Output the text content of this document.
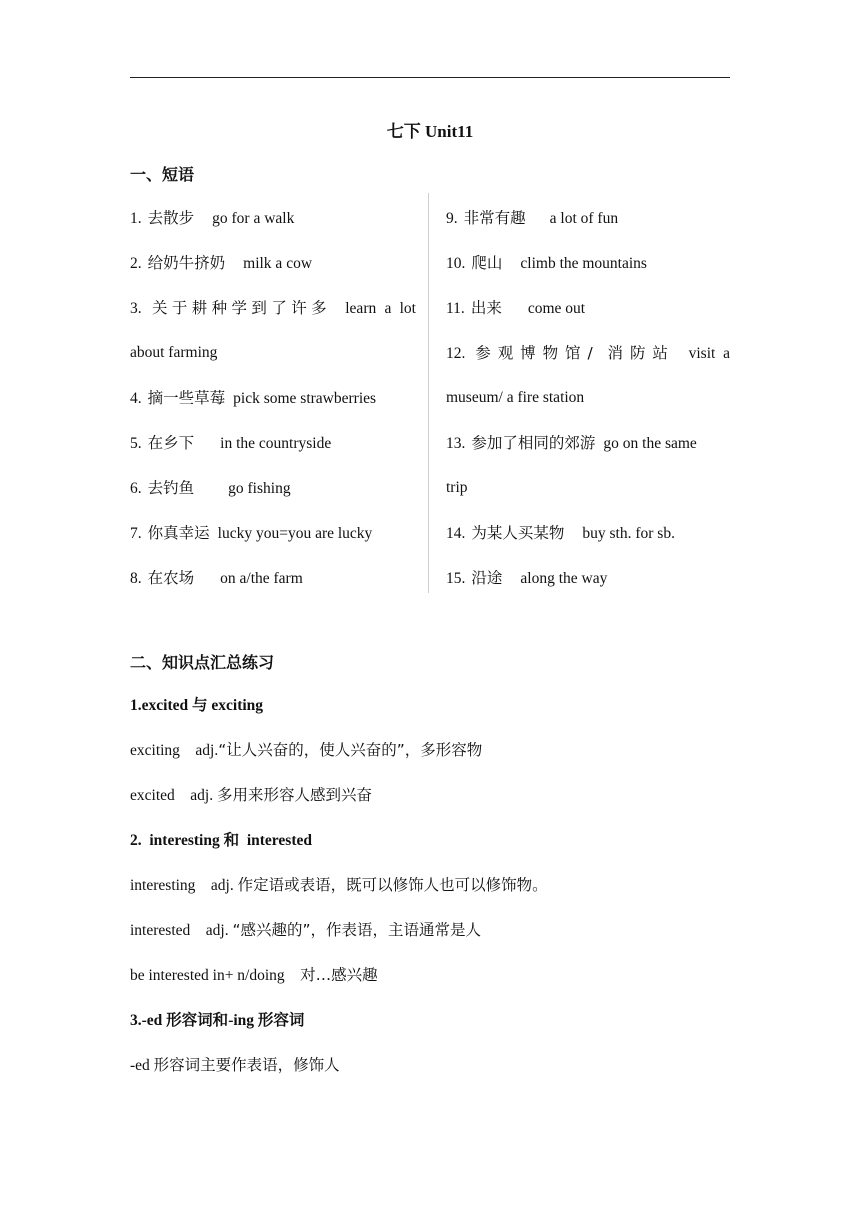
七下 Unit11
一、短语
1. 去散步 go for a walk
2. 给奶牛挤奶 milk a cow
3. 关于耕种学到了许多 learn a lot
about farming
4. 摘一些草莓 pick some strawberries
5. 在乡下 in the countryside
6. 去钓鱼 go fishing
7. 你真幸运 lucky you=you are lucky
8. 在农场 on a/the farm
9. 非常有趣 a lot of fun
10. 爬山 climb the mountains
11. 出来 come out
12. 参观博物馆/ 消防站 visit a
museum/ a fire station
13. 参加了相同的郊游 go on the same
trip
14. 为某人买某物 buy sth. for sb.
15. 沿途 along the way
二、知识点汇总练习
1.excited 与 exciting
exciting    adj.“让人兴奋的，使人兴奋的”，多形容物
excited    adj. 多用来形容人感到兴奋
2.  interesting 和  interested
interesting    adj. 作定语或表语，既可以修饰人也可以修饰物。
interested    adj. “感兴趣的”，作表语，主语通常是人
be interested in+ n/doing    对…感兴趣
3.-ed 形容词和-ing 形容词
-ed 形容词主要作表语，修饰人
